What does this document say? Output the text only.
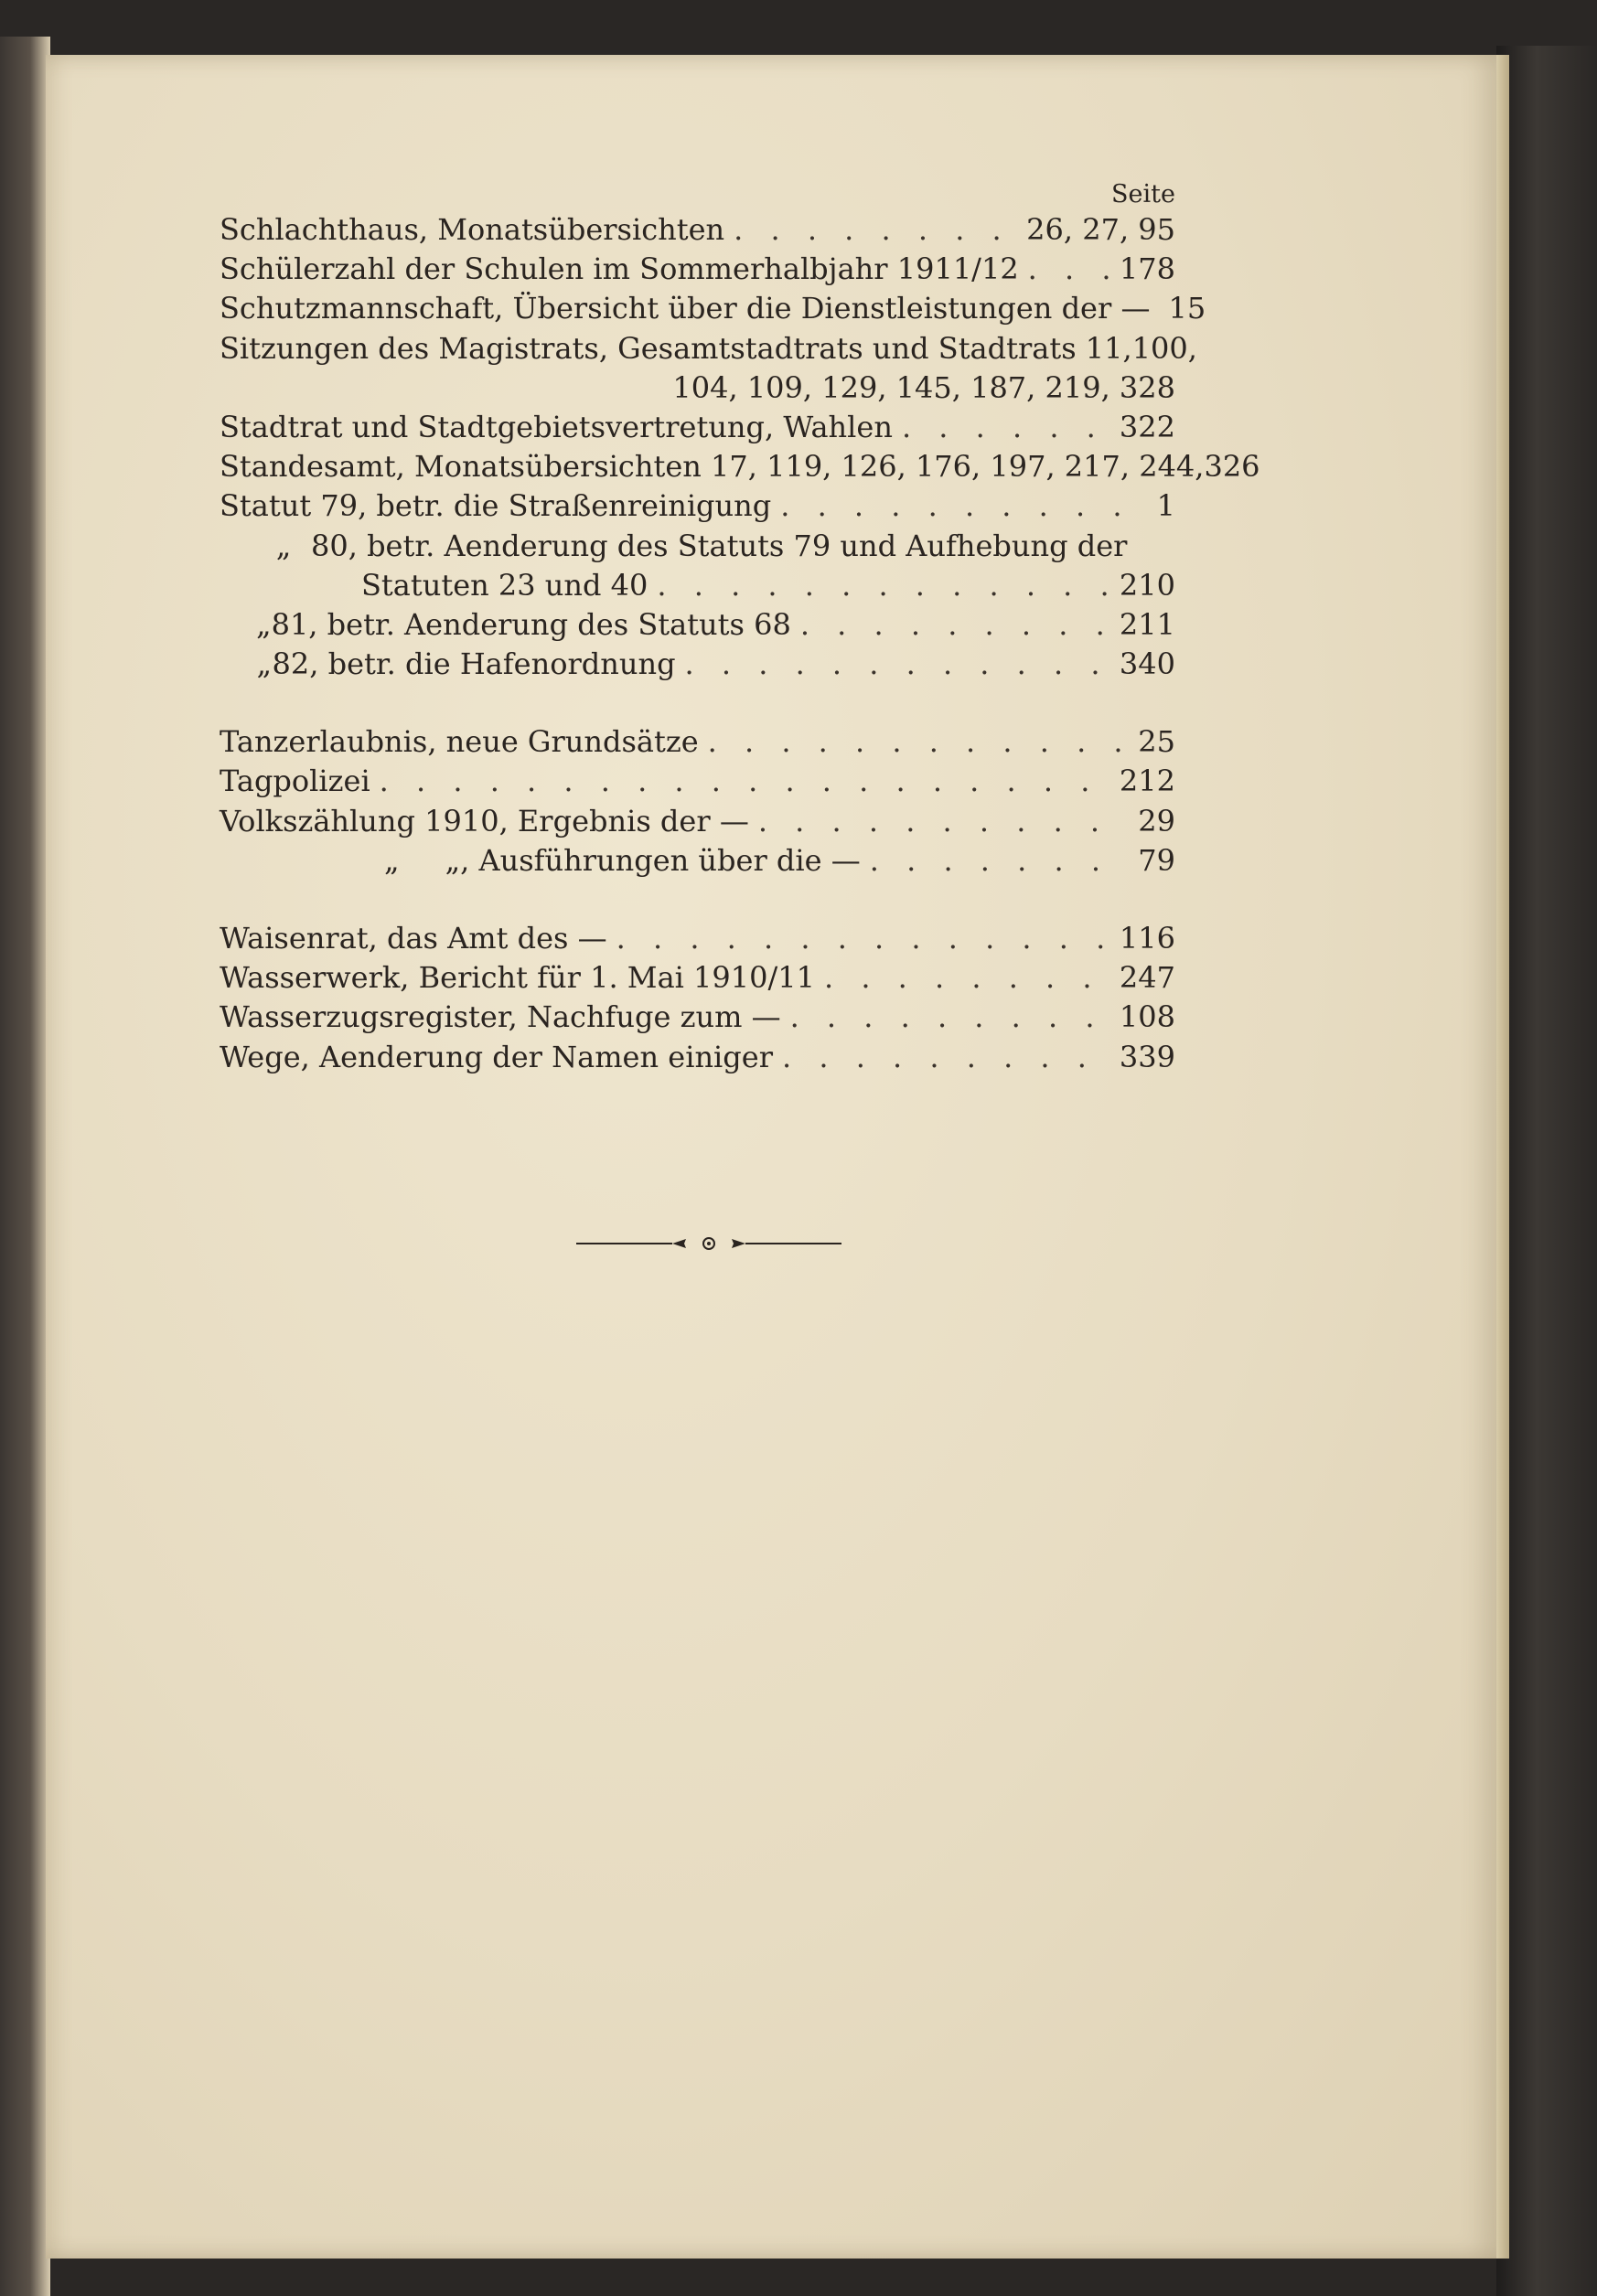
Seite
Schlachthaus, Monatsübersichten . . .	26, 27, 95
Schülerzahl der Schulen im Sommerhalbjahr 1911/12 . . .	178
Schutzmannschaft, Übersicht über die Dienstleistungen der — 15
Sitzungen des Magistrats, Gesamtstadtrats und Stadtrats 11, 100,
104, 109, 129, 145, 187, 219, 328
Stadtrat und Stadtgebietsvertretung, Wahlen . . .	322
Standesamt, Monatsübersichten 17, 119, 126, 176, 197, 217, 244, 326
Statut 79, betr. die Straßenreinigung . . .	1
„ 80, betr. Aenderung des Statuts 79 und Aufhebung der
Statuten 23 und 40 . . .	210
„ 81, betr. Aenderung des Statuts 68 . . .	211
„ 82, betr. die Hafenordnung . . .	340
Tanzerlaubnis, neue Grundsätze . . .	25
Tagpolizei . . .	212
Volkszählung 1910, Ergebnis der — . . .	29
„ „ , Ausführungen über die — . . .	79
Waisenrat, das Amt des — . . .	116
Wasserwerk, Bericht für 1. Mai 1910/11 . . .	247
Wasserzugsregister, Nachfuge zum — . . .	108
Wege, Aenderung der Namen einiger . . .	339
